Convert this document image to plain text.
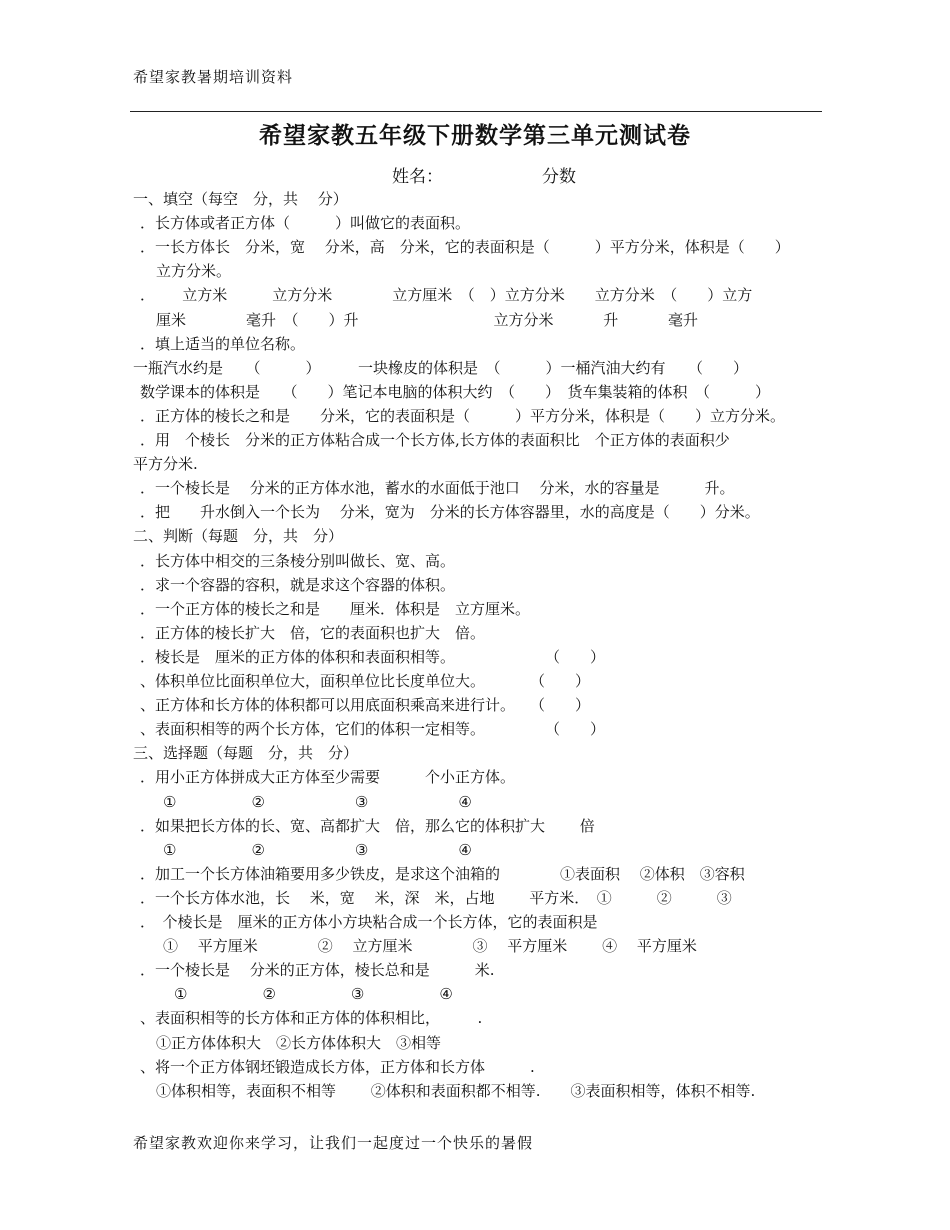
希望家教暑期培训资料
希望家教五年级下册数学第三单元测试卷
姓名：	分数
一、填空（每空　分，共　 分）
．长方体或者正方体（　　　）叫做它的表面积。
．一长方体长　分米，宽　 分米，高　分米，它的表面积是（　　　）平方分米，体积是（　　）
立方分米。
．　　 立方米　　　立方分米　　　　立方厘米　（　）立方分米　　立方分米　（　　）立方
厘米　　　　毫升　（　　）升　　　　　　　　　立方分米　　　 升　　　 毫升
．填上适当的单位名称。
一瓶汽水约是　　（　　　）　　　一块橡皮的体积是　（　　　）一桶汽油大约有　　（　　）
数学课本的体积是　　（　　）笔记本电脑的体积大约　（　　）　货车集装箱的体积　（　　　）
．正方体的棱长之和是　　分米，它的表面积是（　　　）平方分米，体积是（　　）立方分米。
．用　个棱长　分米的正方体粘合成一个长方体,长方体的表面积比　个正方体的表面积少
平方分米.
．一个棱长是　 分米的正方体水池，蓄水的水面低于池口　 分米，水的容量是　　　升。
．把　　升水倒入一个长为　 分米，宽为　分米的长方体容器里，水的高度是（　　）分米。
二、判断（每题　分，共　分）
．长方体中相交的三条棱分别叫做长、宽、高。
．求一个容器的容积，就是求这个容器的体积。
．一个正方体的棱长之和是　　厘米．体积是　立方厘米。
．正方体的棱长扩大　倍，它的表面积也扩大　倍。
．棱长是　厘米的正方体的体积和表面积相等。　　　　　　　（　　）
、体积单位比面积单位大，面积单位比长度单位大。　　　　（　　）
、正方体和长方体的体积都可以用底面积乘高来进行计。　　（　　）
、表面积相等的两个长方体，它们的体积一定相等。　　　　　（　　）
三、选择题（每题　分，共　分）
．用小正方体拼成大正方体至少需要　　　个小正方体。
①　　　　　②　　　　　　③　　　　　　④
．如果把长方体的长、宽、高都扩大　倍，那么它的体积扩大　　 倍
①　　　　　②　　　　　　③　　　　　　④
．加工一个长方体油箱要用多少铁皮，是求这个油箱的　　　　①表面积　 ②体积　③容积
．一个长方体水池，长　 米，宽　 米，深　米，占地　　 平方米．　①　　　②　　　③
．　个棱长是　厘米的正方体小方块粘合成一个长方体，它的表面积是
①　 平方厘米　　　　②　 立方厘米　　　　③　 平方厘米　　 ④　 平方厘米
．一个棱长是　 分米的正方体，棱长总和是　　　米.
①　　　　　②　　　　　③　　　　　④
、表面积相等的长方体和正方体的体积相比，　　　.
①正方体体积大　②长方体体积大　③相等
、将一个正方体钢坯锻造成长方体，正方体和长方体　　　.
①体积相等，表面积不相等　　 ②体积和表面积都不相等.　　③表面积相等，体积不相等.
希望家教欢迎你来学习，让我们一起度过一个快乐的暑假
